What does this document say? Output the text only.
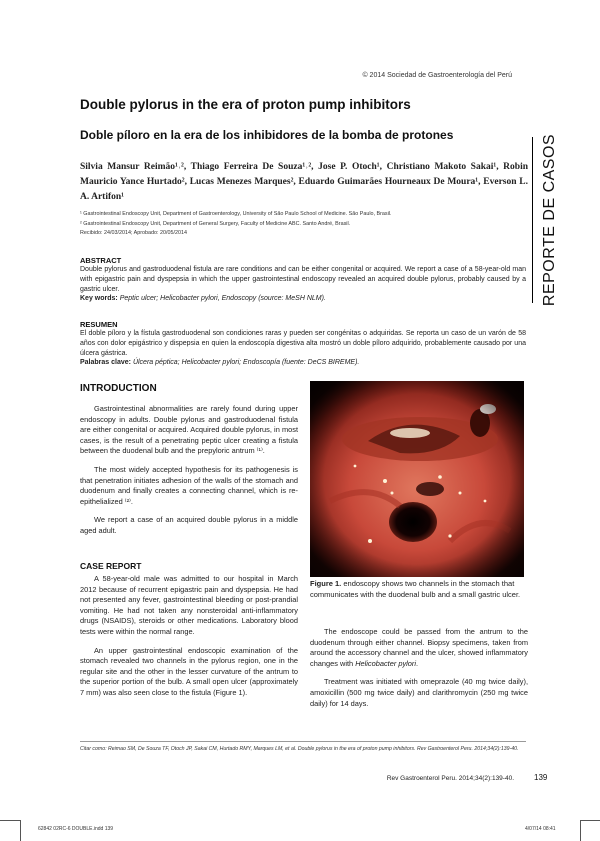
© 2014 Sociedad de Gastroenterología del Perú
REPORTE DE CASOS
Double pylorus in the era of proton pump inhibitors
Doble píloro en la era de los inhibidores de la bomba de protones
Silvia Mansur Reimão¹˒², Thiago Ferreira De Souza¹˒², Jose P. Otoch¹, Christiano Makoto Sakai¹, Robin Mauricio Yance Hurtado², Lucas Menezes Marques², Eduardo Guimarães Hourneaux De Moura¹, Everson L. A. Artifon¹
¹ Gastrointestinal Endoscopy Unit, Department of Gastroenterology, University of São Paulo School of Medicine. São Paulo, Brasil.
² Gastrointestinal Endoscopy Unit, Department of General Surgery, Faculty of Medicine ABC. Santo André, Brasil.
Recibido: 24/03/2014; Aprobado: 20/05/2014
ABSTRACT
Double pylorus and gastroduodenal fistula are rare conditions and can be either congenital or acquired. We report a case of a 58-year-old man with epigastric pain and dyspepsia in which the upper gastrointestinal endoscopy revealed an acquired double pylorus, probably caused by a gastric ulcer.
Key words: Peptic ulcer; Helicobacter pylori, Endoscopy (source: MeSH NLM).
RESUMEN
El doble píloro y la fístula gastroduodenal son condiciones raras y pueden ser congénitas o adquiridas. Se reporta un caso de un varón de 58 años con dolor epigástrico y dispepsia en quien la endoscopía digestiva alta mostró un doble píloro adquirido, probablemente causado por una úlcera gástrica.
Palabras clave: Úlcera péptica; Helicobacter pylori; Endoscopía (fuente: DeCS BIREME).
INTRODUCTION

Gastrointestinal abnormalities are rarely found during upper endoscopy in adults. Double pylorus and gastroduodenal fistula are either congenital or acquired. Acquired double pylorus, in most cases, is the result of a penetrating peptic ulcer creating a fistula between the duodenal bulb and the prepyloric antrum ⁽¹⁾.

The most widely accepted hypothesis for its pathogenesis is that penetration initiates adhesion of the walls of the stomach and duodenum and finally creates a connecting channel, which is re-epithelialized ⁽²⁾.

We report a case of an acquired double pylorus in a middle aged adult.

CASE REPORT

A 58-year-old male was admitted to our hospital in March 2012 because of recurrent epigastric pain and dyspepsia. He had not presented any fever, gastrointestinal bleeding or post-prandial vomiting. He had not taken any nonsteroidal anti-inflammatory drugs (NSAIDS), steroids or other medications. Laboratory blood tests were within the normal range.

An upper gastrointestinal endoscopic examination of the stomach revealed two channels in the pylorus region, one in the regular site and the other in the lesser curvature of the antrum to the superior portion of the bulb. A small open ulcer (approximately 7 mm) was also seen close to the fistula (Figure 1).

Figure 1. endoscopy shows two channels in the stomach that communicates with the duodenal bulb and a small gastric ulcer.

The endoscope could be passed from the antrum to the duodenum through either channel. Biopsy specimens, taken from around the accessory channel and the ulcer, showed inflammatory changes with Helicobacter pylori.

Treatment was initiated with omeprazole (40 mg twice daily), amoxicillin (500 mg twice daily) and clarithromycin (250 mg twice daily) for 14 days.

Citar como: Reimao SM, De Souza TF, Otoch JP, Sakai CM, Hurtado RMY, Marques LM, et al. Double pylorus in the era of proton pump inhibitors. Rev Gastroenterol Peru. 2014;34(2):139-40.
Rev Gastroenterol Peru. 2014;34(2):139-40.	139
62842 02RC-6 DOUBLE.indd 139	4/07/14 08:41
